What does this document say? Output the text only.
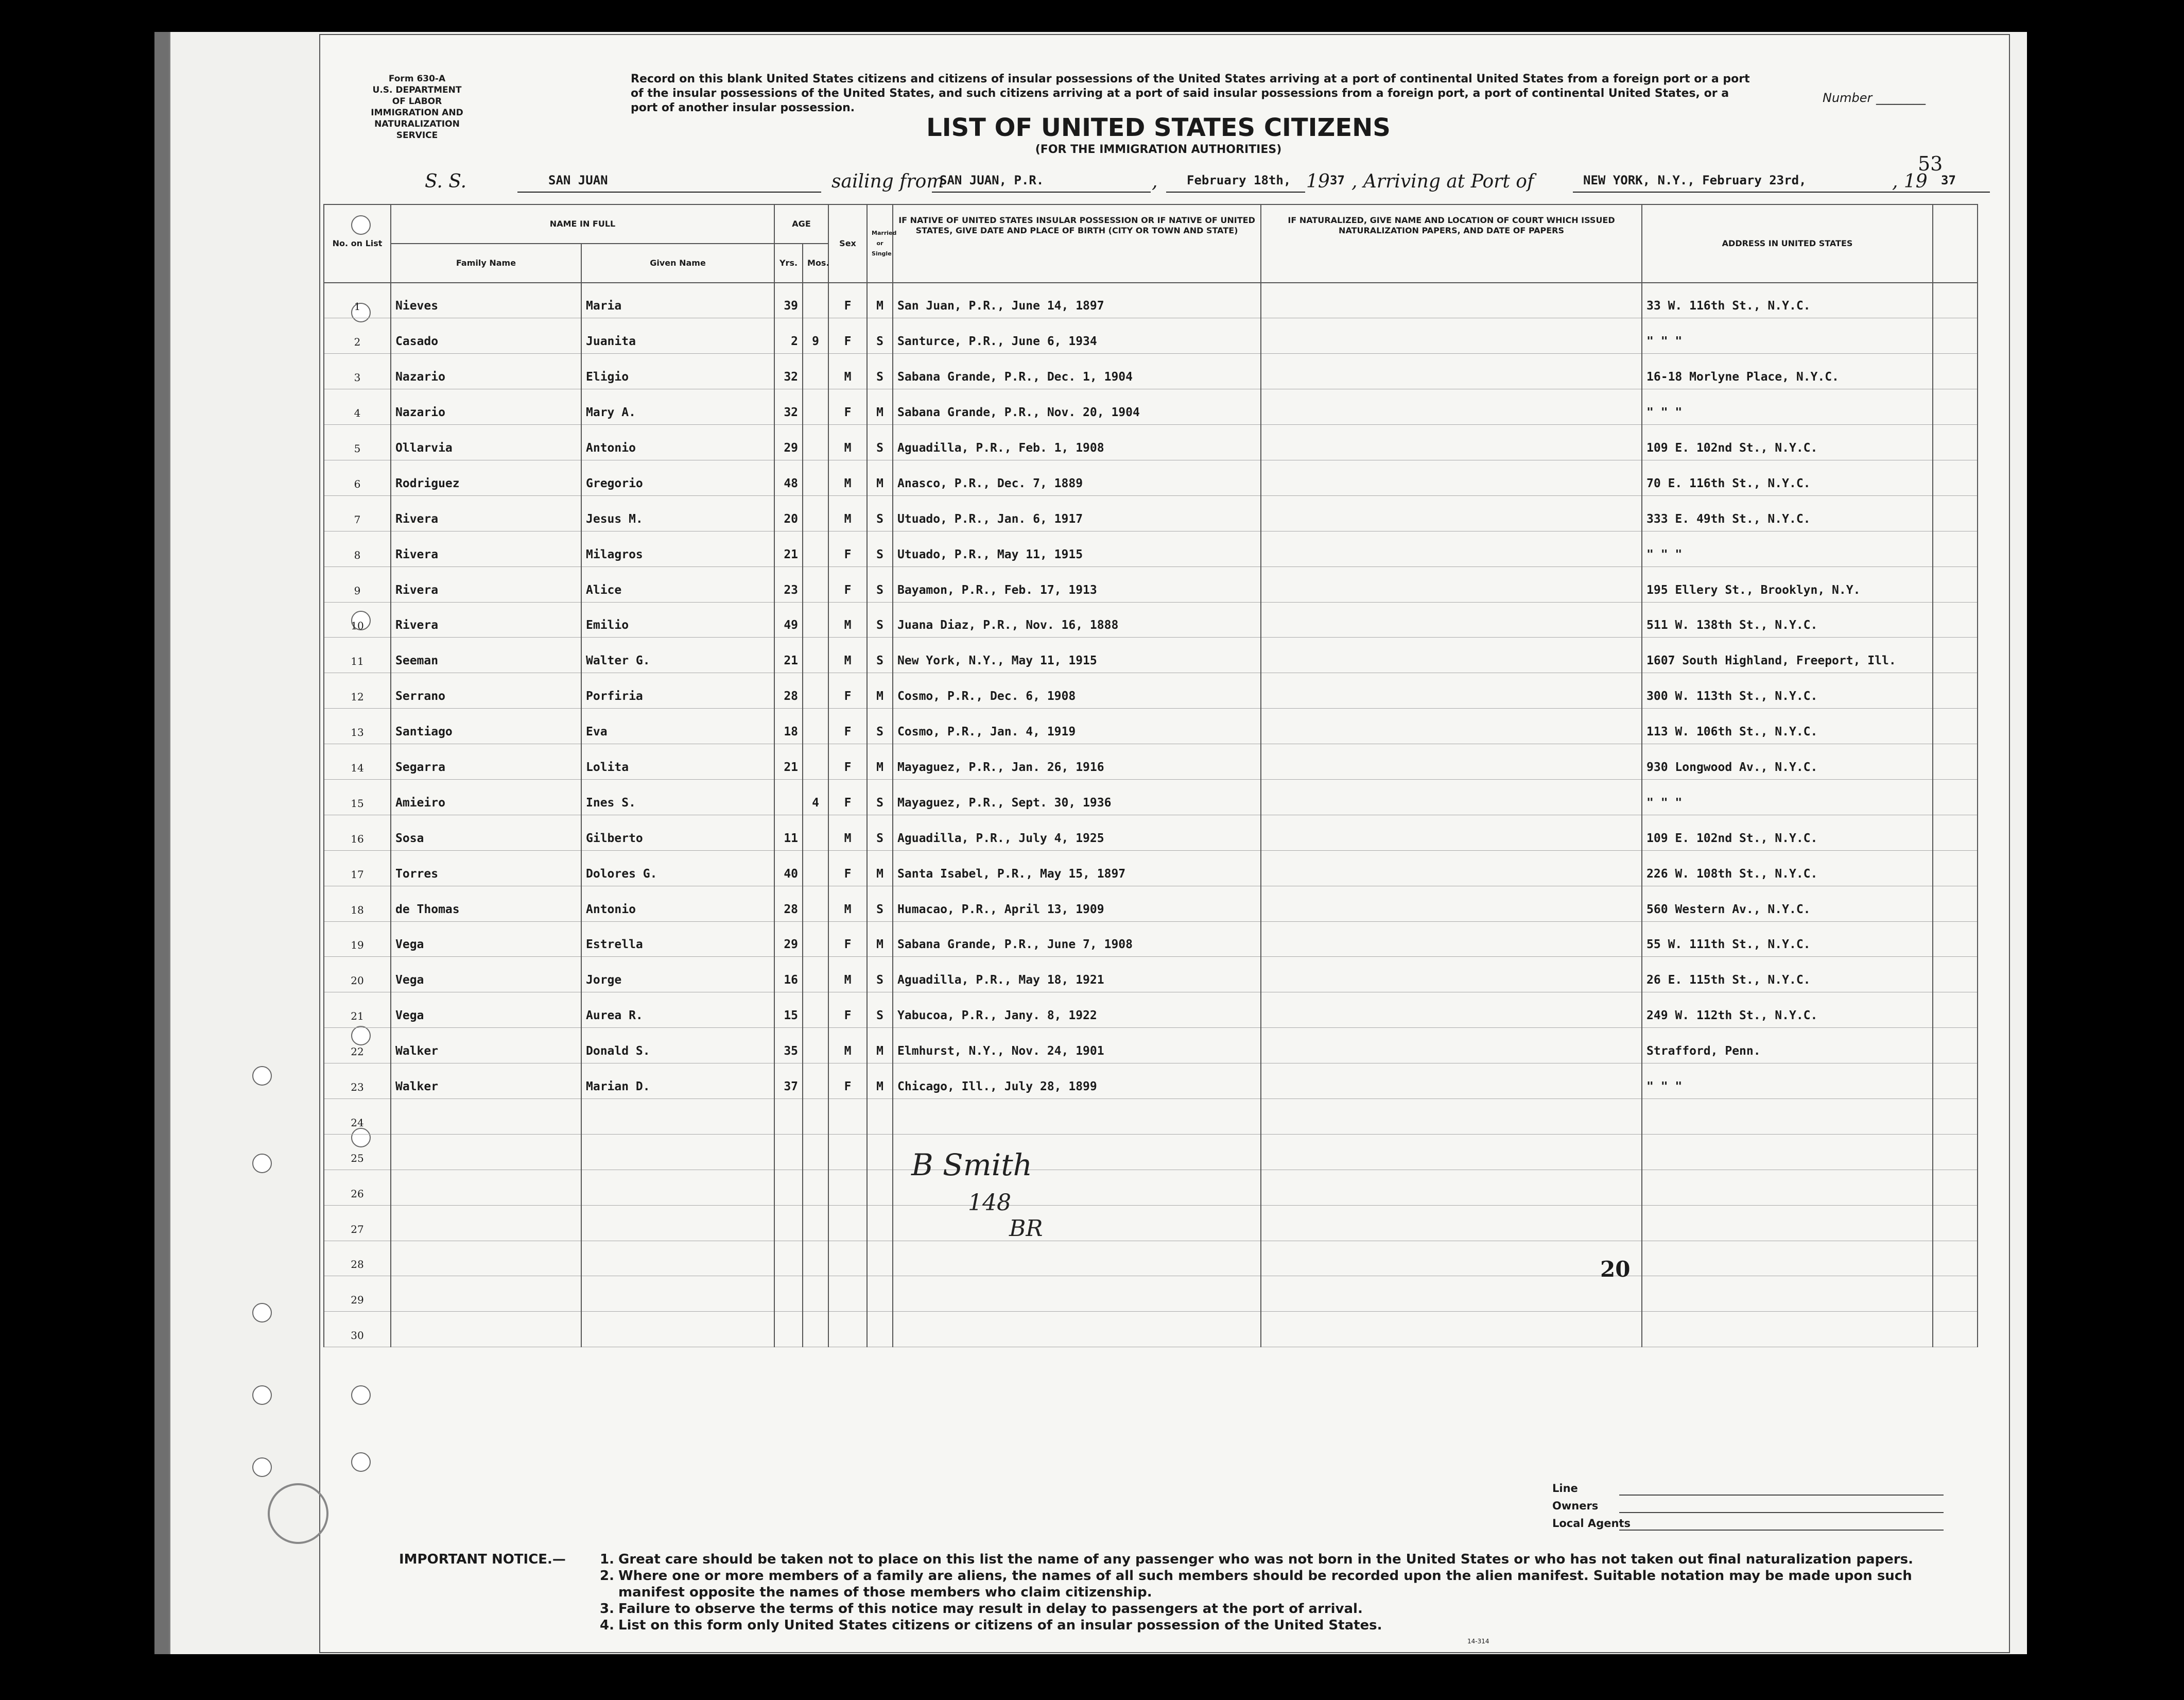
Form 630-A
U.S. DEPARTMENT OF LABOR
IMMIGRATION AND
NATURALIZATION SERVICE
Record on this blank United States citizens and citizens of insular possessions of the United States arriving at a port of continental United States from a foreign port or a port of the insular possessions of the United States, and such citizens arriving at a port of said insular possessions from a foreign port, a port of continental United States, or a port of another insular possession.
Number ________
LIST OF UNITED STATES CITIZENS
(FOR THE IMMIGRATION AUTHORITIES)
53
S. S.	SAN JUAN	sailing from
SAN JUAN, P.R.	, February 18th, 19 37 , Arriving at Port of	NEW YORK, N.Y., February 23rd,	, 19 37
No. on List	NAME IN FULL		AGE		Sex	Married or Single	IF NATIVE OF UNITED STATES INSULAR POSSESSION OR IF NATIVE OF UNITED STATES, GIVE DATE AND PLACE OF BIRTH (CITY OR TOWN AND STATE)	IF NATURALIZED, GIVE NAME AND LOCATION OF COURT WHICH ISSUED NATURALIZATION PAPERS, AND DATE OF PAPERS	ADDRESS IN UNITED STATES	
	Family Name	Given Name	Yrs.	Mos.						
1	Nieves	Maria	39		F	M	San Juan, P.R., June 14, 1897		33 W. 116th St., N.Y.C.	
2	Casado	Juanita	2	9	F	S	Santurce, P.R., June 6, 1934		" " "	
3	Nazario	Eligio	32		M	S	Sabana Grande, P.R., Dec. 1, 1904		16-18 Morlyne Place, N.Y.C.	
4	Nazario	Mary A.	32		F	M	Sabana Grande, P.R., Nov. 20, 1904		" " "	
5	Ollarvia	Antonio	29		M	S	Aguadilla, P.R., Feb. 1, 1908		109 E. 102nd St., N.Y.C.	
6	Rodriguez	Gregorio	48		M	M	Anasco, P.R., Dec. 7, 1889		70 E. 116th St., N.Y.C.	
7	Rivera	Jesus M.	20		M	S	Utuado, P.R., Jan. 6, 1917		333 E. 49th St., N.Y.C.	
8	Rivera	Milagros	21		F	S	Utuado, P.R., May 11, 1915		" " "	
9	Rivera	Alice	23		F	S	Bayamon, P.R., Feb. 17, 1913		195 Ellery St., Brooklyn, N.Y.	
10	Rivera	Emilio	49		M	S	Juana Diaz, P.R., Nov. 16, 1888		511 W. 138th St., N.Y.C.	
11	Seeman	Walter G.	21		M	S	New York, N.Y., May 11, 1915		1607 South Highland, Freeport, Ill.	
12	Serrano	Porfiria	28		F	M	Cosmo, P.R., Dec. 6, 1908		300 W. 113th St., N.Y.C.	
13	Santiago	Eva	18		F	S	Cosmo, P.R., Jan. 4, 1919		113 W. 106th St., N.Y.C.	
14	Segarra	Lolita	21		F	M	Mayaguez, P.R., Jan. 26, 1916		930 Longwood Av., N.Y.C.	
15	Amieiro	Ines S.		4	F	S	Mayaguez, P.R., Sept. 30, 1936		" " "	
16	Sosa	Gilberto	11		M	S	Aguadilla, P.R., July 4, 1925		109 E. 102nd St., N.Y.C.	
17	Torres	Dolores G.	40		F	M	Santa Isabel, P.R., May 15, 1897		226 W. 108th St., N.Y.C.	
18	de Thomas	Antonio	28		M	S	Humacao, P.R., April 13, 1909		560 Western Av., N.Y.C.	
19	Vega	Estrella	29		F	M	Sabana Grande, P.R., June 7, 1908		55 W. 111th St., N.Y.C.	
20	Vega	Jorge	16		M	S	Aguadilla, P.R., May 18, 1921		26 E. 115th St., N.Y.C.	
21	Vega	Aurea R.	15		F	S	Yabucoa, P.R., Jany. 8, 1922		249 W. 112th St., N.Y.C.	
22	Walker	Donald S.	35		M	M	Elmhurst, N.Y., Nov. 24, 1901		Strafford, Penn.	
23	Walker	Marian D.	37		F	M	Chicago, Ill., July 28, 1899		" " "	
24										
25										
26										
27										
28										
29										
30										
B Smith
148
BR
20
Line
Owners
Local Agents
IMPORTANT NOTICE.—	1. Great care should be taken not to place on this list the name of any passenger who was not born in the United States or who has not taken out final naturalization papers.
2. Where one or more members of a family are aliens, the names of all such members should be recorded upon the alien manifest. Suitable notation may be made upon such manifest opposite the names of those members who claim citizenship.
3. Failure to observe the terms of this notice may result in delay to passengers at the port of arrival.
4. List on this form only United States citizens or citizens of an insular possession of the United States.
14-314
